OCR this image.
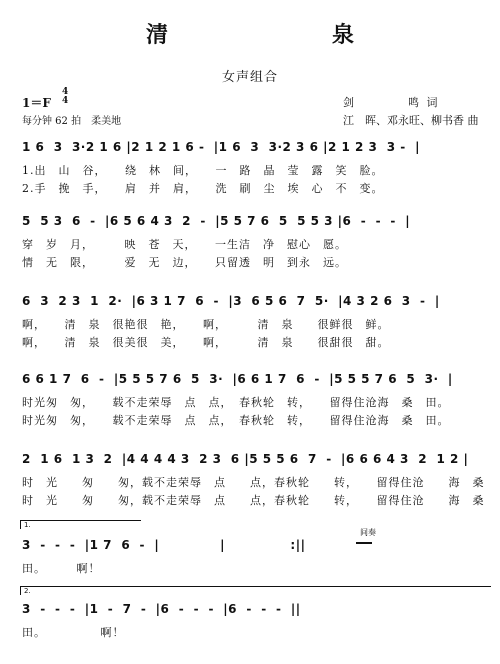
清　　泉
女声组合
1＝F
4
4
每分钟 62 拍　柔美地
剑　　　　鸣 词
江　晖、邓永旺、柳书香 曲
1 6  3  3·2 1 6 |2 1 2 1 6 -  |1 6  3  3·2 3 6 |2 1 2 3  3 -  |
1.出　山　谷，　　绕　林　间，　　一　路　晶　莹　露　笑　脸。
2.手　挽　手，　　肩　并　肩，　　洗　刷　尘　埃　心　不　变。
5  5 3  6  -  |6 5 6 4 3  2  -  |5 5 7 6  5  5 5 3 |6  -  -  -  |
穿　岁　月，　　　映　苍　天，　　一生洁　净　慰心　愿。
情　无　限，　　　爱　无　边，　　只留透　明　到永　远。
6  3  2 3  1  2·  |6 3 1 7  6  -  |3  6 5 6  7  5·  |4 3 2 6  3  -  |
啊，　　清　泉　很艳很　艳，　　啊，　　　清　泉　　很鲜很　鲜。
啊，　　清　泉　很美很　美，　　啊，　　　清　泉　　很甜很　甜。
6 6 1 7  6  -  |5 5 5 7 6  5  3·  |6 6 1 7  6  -  |5 5 5 7 6  5  3·  |
时光匆　匆，　　载不走荣辱　点　点，　春秋轮　转，　　留得住沧海　桑　田。
时光匆　匆，　　载不走荣辱　点　点，　春秋轮　转，　　留得住沧海　桑　田。
2  1 6  1 3  2  |4 4 4 4 3  2 3  6 |5 5 5 6  7  -  |6 6 6 4 3  2  1 2 |
时　光　　匆　　匆，载不走荣辱　点　　点，春秋轮　　转，　　留得住沧　　海　桑
时　光　　匆　　匆，载不走荣辱　点　　点，春秋轮　　转，　　留得住沧　　海　桑
1.
间奏
3  -  -  -  |1 7  6  -  |             |              :||
田。　　　啊！
2.
3  -  -  -  |1  -  7  -  |6  -  -  -  |6  -  -  -  ||
田。　　　　　啊！
